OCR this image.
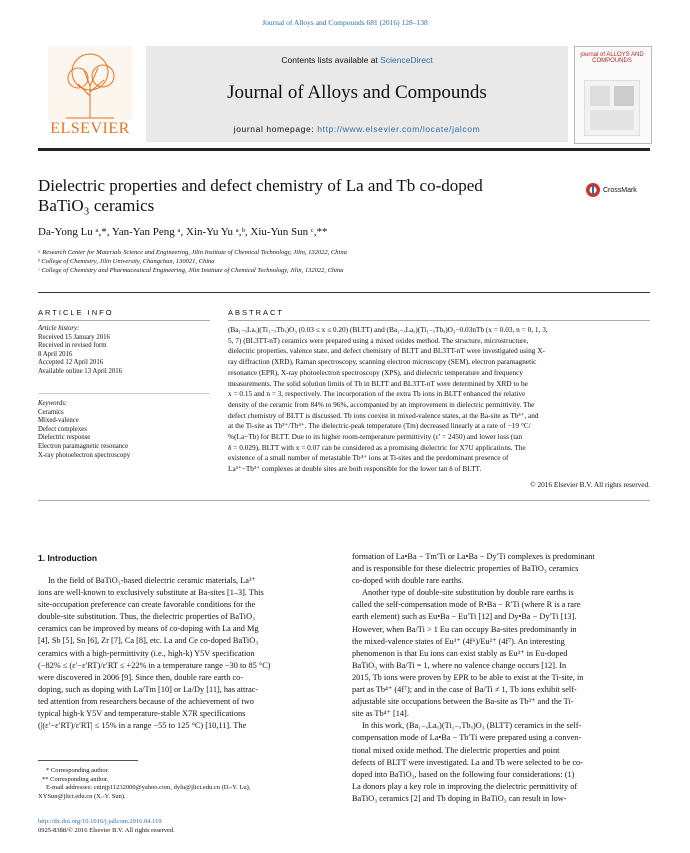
Journal of Alloys and Compounds 681 (2016) 128–138
ELSEVIER
Contents lists available at ScienceDirect
Journal of Alloys and Compounds
journal homepage: http://www.elsevier.com/locate/jalcom
journal of ALLOYS AND COMPOUNDS
Dielectric properties and defect chemistry of La and Tb co-doped
BaTiO₃ ceramics
CrossMark
Da-Yong Lu ᵃ,*, Yan-Yan Peng ᵃ, Xin-Yu Yu ᵃ,ᵇ, Xiu-Yun Sun ᶜ,**
ᵃ Research Center for Materials Science and Engineering, Jilin Institute of Chemical Technology, Jilin, 132022, China
ᵇ College of Chemistry, Jilin University, Changchun, 130021, China
ᶜ College of Chemistry and Pharmaceutical Engineering, Jilin Institute of Chemical Technology, Jilin, 132022, China
ARTICLE INFO
Article history:
Received 15 January 2016
Received in revised form
8 April 2016
Accepted 12 April 2016
Available online 13 April 2016
Keywords:
Ceramics
Mixed-valence
Defect complexes
Dielectric response
Electron paramagnetic resonance
X-ray photoelectron spectroscopy
ABSTRACT
(Ba₁₋ₓLaₓ)(Ti₁₋ₓTbₓ)O₃ (0.03 ≤ x ≤ 0.20) (BLTT) and (Ba₁₋ₓLaₓ)(Ti₁₋ₓTbₓ)O₃−0.03nTb (x = 0.03, n = 0, 1, 3,
5, 7) (BL3TT-nT) ceramics were prepared using a mixed oxides method. The structure, microstructure,
dielectric properties, valence state, and defect chemistry of BLTT and BL3TT-nT were investigated using X-
ray diffraction (XRD), Raman spectroscopy, scanning electron microscopy (SEM), electron paramagnetic
resonance (EPR), X-ray photoelectron spectroscopy (XPS), and dielectric temperature and frequency
measurements. The solid solution limits of Tb in BLTT and BL3TT-nT were determined by XRD to be
x = 0.15 and n = 3, respectively. The incorporation of the extra Tb ions in BLTT enhanced the relative
density of the ceramic from 84% to 96%, accompanied by an improvement in dielectric permittivity. The
defect chemistry of BLTT is discussed. Tb ions coexist in mixed-valence states, at the Ba-site as Tb³⁺, and
at the Ti-site as Tb³⁺/Tb⁴⁺. The dielectric-peak temperature (Tm) decreased linearly at a rate of −19 °C/
%(La−Tb) for BLTT. Due to its higher room-temperature permittivity (ε′ = 2450) and lower loss (tan
δ = 0.029), BLTT with x = 0.07 can be considered as a promising dielectric for X7U applications. The
existence of a small number of metastable Tb⁴⁺ ions at Ti-sites and the predominant presence of
La³⁺−Tb³⁺ complexes at double sites are both responsible for the lower tan δ of BLTT.
© 2016 Elsevier B.V. All rights reserved.
1. Introduction
In the field of BaTiO₃-based dielectric ceramic materials, La³⁺
ions are well-known to exclusively substitute at Ba-sites [1–3]. This
site-occupation preference can create favorable conditions for the
double-site substitution. Thus, the dielectric properties of BaTiO₃
ceramics can be improved by means of co-doping with La and Mg
[4], Sb [5], Sn [6], Zr [7], Ca [8], etc. La and Ce co-doped BaTiO₃
ceramics with a high-permittivity (i.e., high-k) Y5V specification
(−82% ≤ (ε′−ε′RT)/ε′RT ≤ +22% in a temperature range −30 to 85 °C)
were discovered in 2006 [9]. Since then, double rare earth co-
doping, such as doping with La/Tm [10] or La/Dy [11], has attrac-
ted attention from researchers because of the achievement of two
typical high-k Y5V and temperature-stable X7R specifications
(|(ε′−ε′RT)/ε′RT| ≤ 15% in a range −55 to 125 °C) [10,11]. The
formation of La•Ba − Tm′Ti or La•Ba − Dy′Ti complexes is predominant
and is responsible for these dielectric properties of BaTiO₃ ceramics
co-doped with double rare earths.
Another type of double-site substitution by double rare earths is
called the self-compensation mode of R•Ba − R′Ti (where R is a rare
earth element) such as Eu•Ba − Eu′Ti [12] and Dy•Ba − Dy′Ti [13].
However, when Ba/Ti > 1 Eu can occupy Ba-sites predominantly in
the mixed-valence states of Eu³⁺ (4f⁶)/Eu²⁺ (4f⁷). An interesting
phenomenon is that Eu ions can exist stably as Eu³⁺ in Eu-doped
BaTiO₃ with Ba/Ti = 1, where no valence change occurs [12]. In
2015, Tb ions were proven by EPR to be able to exist at the Ti-site, in
part as Tb⁴⁺ (4f⁷); and in the case of Ba/Ti ≠ 1, Tb ions exhibit self-
adjustable site occupations between the Ba-site as Tb³⁺ and the Ti-
site as Tb⁴⁺ [14].
In this work, (Ba₁₋ₓLaₓ)(Ti₁₋ₓTbₓ)O₃ (BLTT) ceramics in the self-
compensation mode of La•Ba − Tb′Ti were prepared using a conven-
tional mixed oxide method. The dielectric properties and point
defects of BLTT were investigated. La and Tb were selected to be co-
doped into BaTiO₃, based on the following four considerations: (1)
La donors play a key role in improving the dielectric permittivity of
BaTiO₃ ceramics [2] and Tb doping in BaTiO₃ can result in low-
* Corresponding author.
** Corresponding author.
E-mail addresses: cninjp11232000@yahoo.com, dylu@jlict.edu.cn (D.-Y. Lu),
XYSun@jlict.edu.cn (X.-Y. Sun).
http://dx.doi.org/10.1016/j.jallcom.2016.04.119
0925-8388/© 2016 Elsevier B.V. All rights reserved.
